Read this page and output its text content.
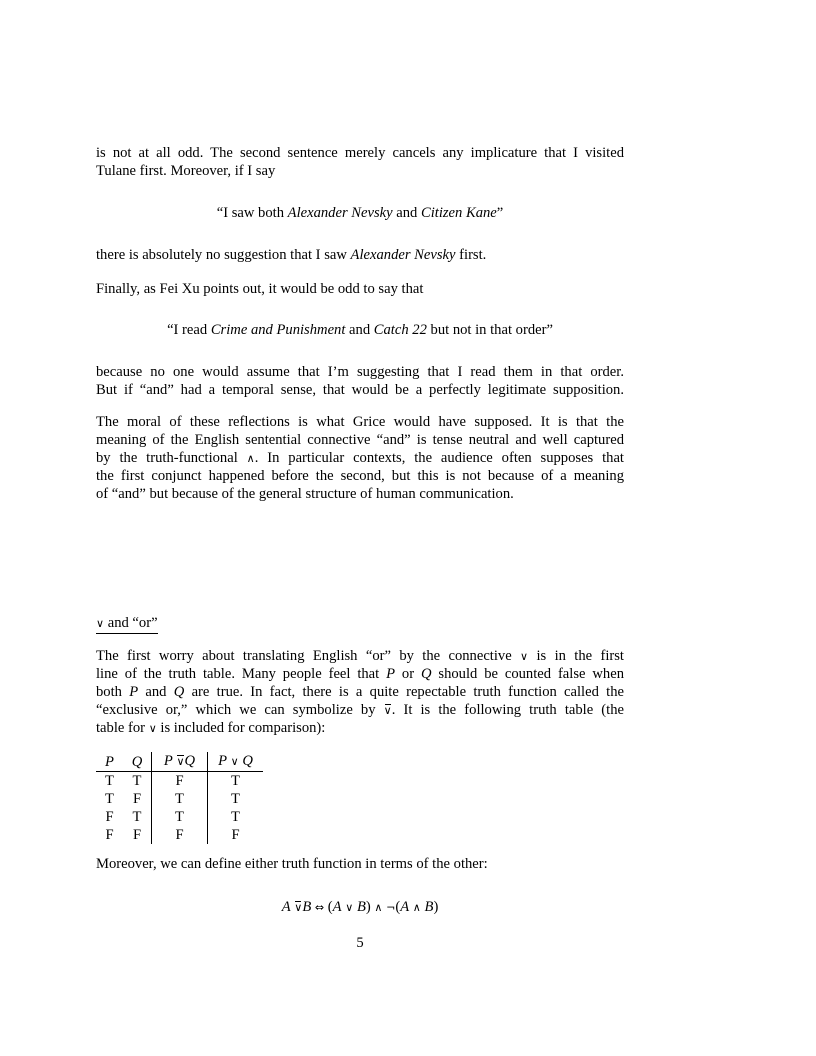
is not at all odd. The second sentence merely cancels any implicature that I visited
Tulane first. Moreover, if I say
“I saw both Alexander Nevsky and Citizen Kane”
there is absolutely no suggestion that I saw Alexander Nevsky first.
Finally, as Fei Xu points out, it would be odd to say that
“I read Crime and Punishment and Catch 22 but not in that order”
because no one would assume that I’m suggesting that I read them in that order.
But if “and” had a temporal sense, that would be a perfectly legitimate supposition.
The moral of these reflections is what Grice would have supposed. It is that the
meaning of the English sentential connective “and” is tense neutral and well captured
by the truth-functional ∧. In particular contexts, the audience often supposes that
the first conjunct happened before the second, but this is not because of a meaning
of “and” but because of the general structure of human communication.
∨ and “or”
The first worry about translating English “or” by the connective ∨ is in the first
line of the truth table. Many people feel that P or Q should be counted false when
both P and Q are true. In fact, there is a quite repectable truth function called the
“exclusive or,” which we can symbolize by ∨. It is the following truth table (the
table for ∨ is included for comparison):
P	Q	P ∨Q	P ∨ Q
T	T	F	T
T	F	T	T
F	T	T	T
F	F	F	F
Moreover, we can define either truth function in terms of the other:
A ∨B ⇔ (A ∨ B) ∧ ¬(A ∧ B)
5
